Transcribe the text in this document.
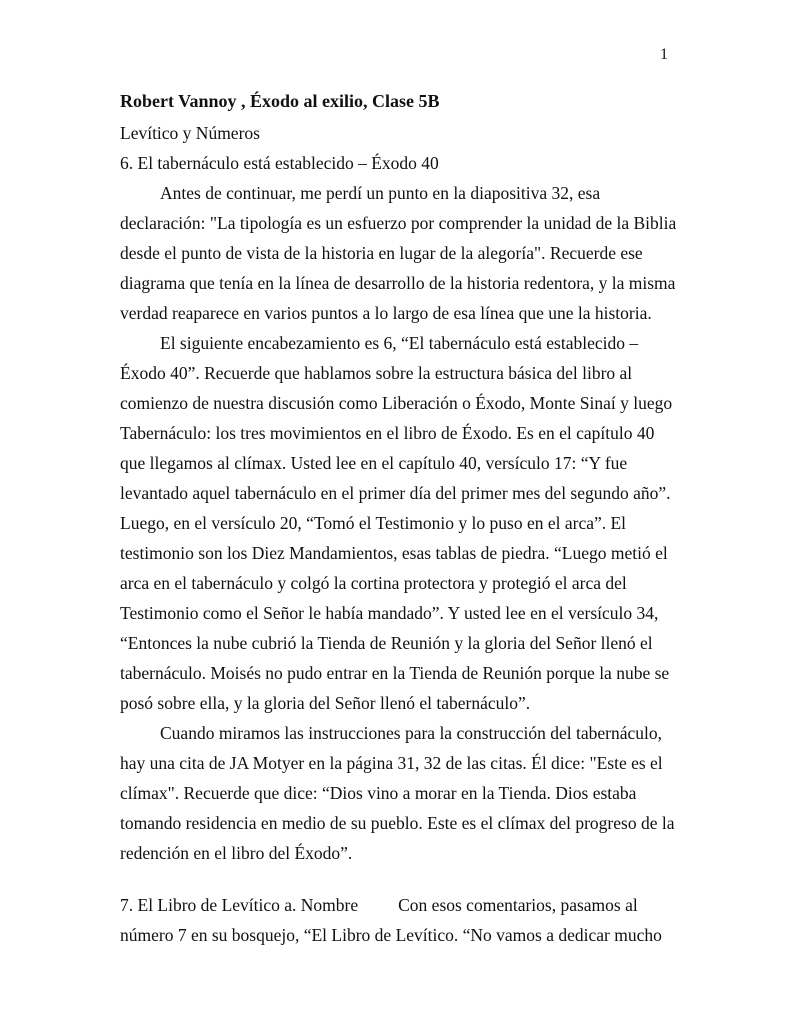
1

Robert Vannoy , Éxodo al exilio, Clase 5B

Levítico y Números

6. El tabernáculo está establecido – Éxodo 40

Antes de continuar, me perdí un punto en la diapositiva 32, esa declaración: "La tipología es un esfuerzo por comprender la unidad de la Biblia desde el punto de vista de la historia en lugar de la alegoría". Recuerde ese diagrama que tenía en la línea de desarrollo de la historia redentora, y la misma verdad reaparece en varios puntos a lo largo de esa línea que une la historia.

El siguiente encabezamiento es 6, “El tabernáculo está establecido – Éxodo 40”. Recuerde que hablamos sobre la estructura básica del libro al comienzo de nuestra discusión como Liberación o Éxodo, Monte Sinaí y luego Tabernáculo: los tres movimientos en el libro de Éxodo. Es en el capítulo 40 que llegamos al clímax. Usted lee en el capítulo 40, versículo 17: “Y fue levantado aquel tabernáculo en el primer día del primer mes del segundo año”. Luego, en el versículo 20, “Tomó el Testimonio y lo puso en el arca”. El testimonio son los Diez Mandamientos, esas tablas de piedra. “Luego metió el arca en el tabernáculo y colgó la cortina protectora y protegió el arca del Testimonio como el Señor le había mandado”. Y usted lee en el versículo 34, “Entonces la nube cubrió la Tienda de Reunión y la gloria del Señor llenó el tabernáculo. Moisés no pudo entrar en la Tienda de Reunión porque la nube se posó sobre ella, y la gloria del Señor llenó el tabernáculo”.

Cuando miramos las instrucciones para la construcción del tabernáculo, hay una cita de JA Motyer en la página 31, 32 de las citas. Él dice: "Este es el clímax". Recuerde que dice: “Dios vino a morar en la Tienda. Dios estaba tomando residencia en medio de su pueblo. Este es el clímax del progreso de la redención en el libro del Éxodo”.

7. El Libro de Levítico a. Nombre Con esos comentarios, pasamos al número 7 en su bosquejo, “El Libro de Levítico. “No vamos a dedicar mucho
